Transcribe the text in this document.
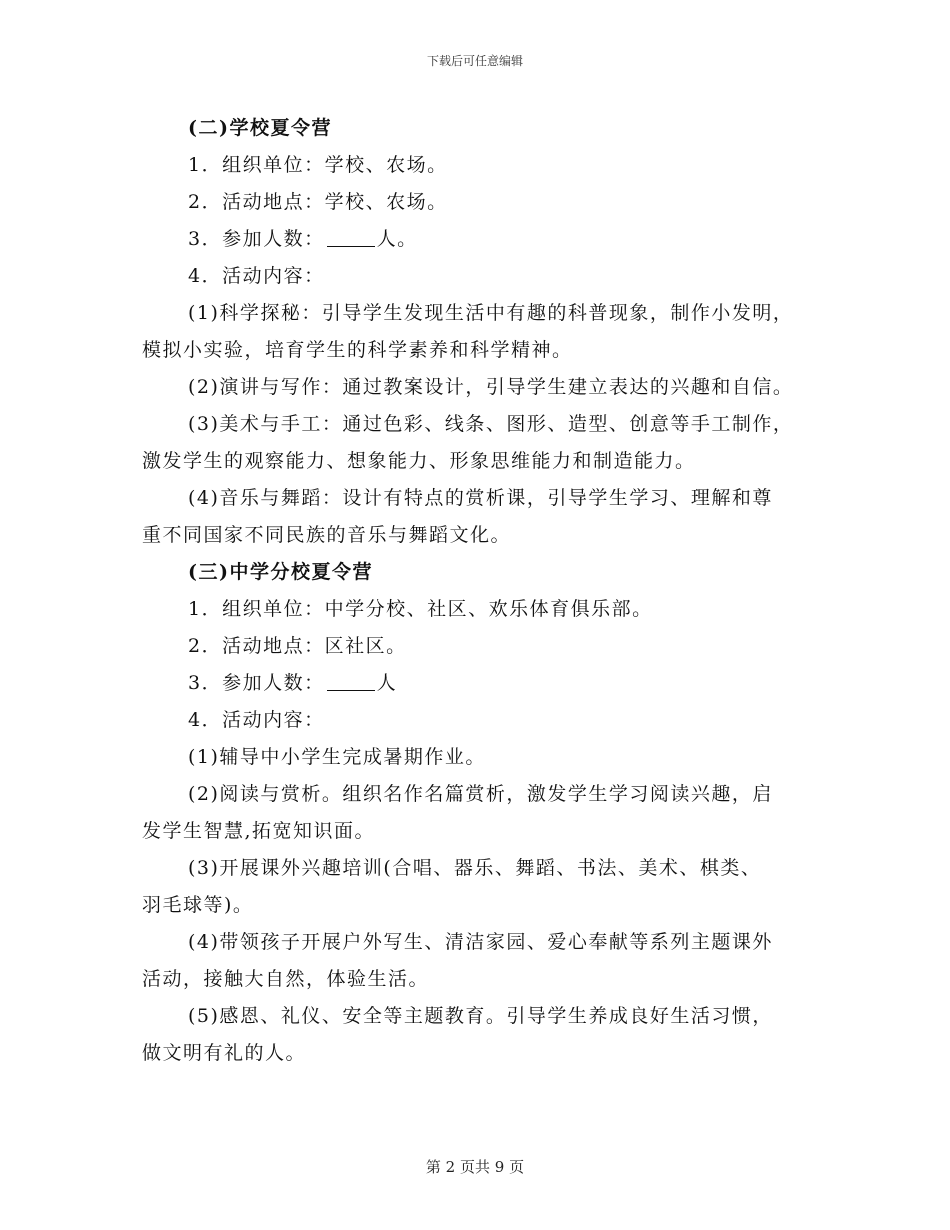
下载后可任意编辑

(二)学校夏令营

1．组织单位：学校、农场。

2．活动地点：学校、农场。

3．参加人数：	人。

4．活动内容：

(1)科学探秘：引导学生发现生活中有趣的科普现象，制作小发明，

模拟小实验，培育学生的科学素养和科学精神。

(2)演讲与写作：通过教案设计，引导学生建立表达的兴趣和自信。

(3)美术与手工：通过色彩、线条、图形、造型、创意等手工制作，

激发学生的观察能力、想象能力、形象思维能力和制造能力。

(4)音乐与舞蹈：设计有特点的赏析课，引导学生学习、理解和尊

重不同国家不同民族的音乐与舞蹈文化。

(三)中学分校夏令营

1．组织单位：中学分校、社区、欢乐体育俱乐部。

2．活动地点：区社区。

3．参加人数：	人

4．活动内容：

(1)辅导中小学生完成暑期作业。

(2)阅读与赏析。组织名作名篇赏析，激发学生学习阅读兴趣，启

发学生智慧,拓宽知识面。

(3)开展课外兴趣培训(合唱、器乐、舞蹈、书法、美术、棋类、

羽毛球等)。

(4)带领孩子开展户外写生、清洁家园、爱心奉献等系列主题课外

活动，接触大自然，体验生活。

(5)感恩、礼仪、安全等主题教育。引导学生养成良好生活习惯，

做文明有礼的人。

第 2 页共 9 页
